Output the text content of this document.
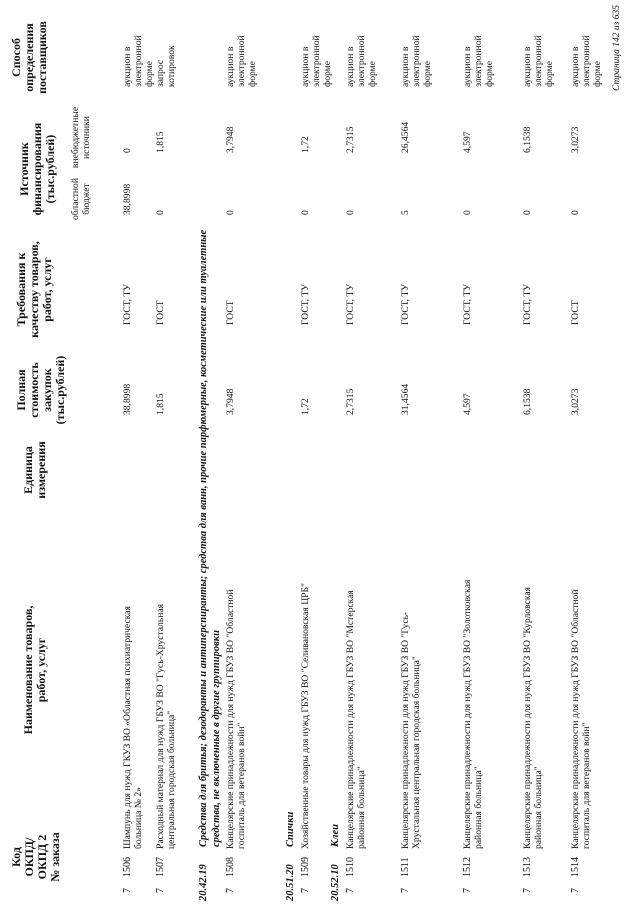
Код ОКПД/ ОКПД 2 № заказа
Наименование товаров, работ, услуг
Единица измерения
Полная стоимость закупок (тыс.рублей)
Требования к качеству товаров, работ, услуг
Источник финансирования (тыс.рублей) областной бюджет
внебюджетные источники
Способ определения поставщиков
7
1506
Шампунь для нужд ГКУЗ ВО «Областная психиатрическая больница № 2»
38,8998
ГОСТ, ТУ
38,8998
0
аукцион в электронной форме
7
1507
Расходный материал для нужд ГБУЗ ВО "Гусь-Хрустальная центральная городская больница"
1,815
ГОСТ
0
1,815
запрос котировок
7
1508
Канцелярские принадлежности для нужд ГБУЗ ВО "Областной госпиталь для ветеранов войн"
3,7948
ГОСТ
0
3,7948
аукцион в электронной форме
7
1509
Хозяйственные товары для нужд ГБУЗ ВО "Селивановская ЦРБ"
1,72
ГОСТ, ТУ
0
1,72
аукцион в электронной форме
7
1510
Канцелярские принадлежности для нужд ГБУЗ ВО "Мстерская районная больница"
2,7315
ГОСТ, ТУ
0
2,7315
аукцион в электронной форме
7
1511
Канцелярские принадлежности для нужд ГБУЗ ВО "Гусь- Хрустальная центральная городская больница"
31,4564
ГОСТ, ТУ
5
26,4564
аукцион в электронной форме
7
1512
Канцелярские принадлежности для нужд ГБУЗ ВО "Золотковская районная больница"
4,597
ГОСТ, ТУ
0
4,597
аукцион в электронной форме
7
1513
Канцелярские принадлежности для нужд ГБУЗ ВО "Курловская районная больница"
6,1538
ГОСТ, ТУ
0
6,1538
аукцион в электронной форме
7
1514
Канцелярские принадлежности для нужд ГБУЗ ВО "Областной госпиталь для ветеранов войн"
3,0273
ГОСТ
0
3,0273
аукцион в электронной форме
20.42.19
Средства для бритья; дезодоранты и антиперспиранты; средства для ванн, прочие парфюмерные, косметические или туалетные средства, не включенные в другие группировки
20.51.20
Спички
20.52.10
Клеи
Страница 142 из 635
